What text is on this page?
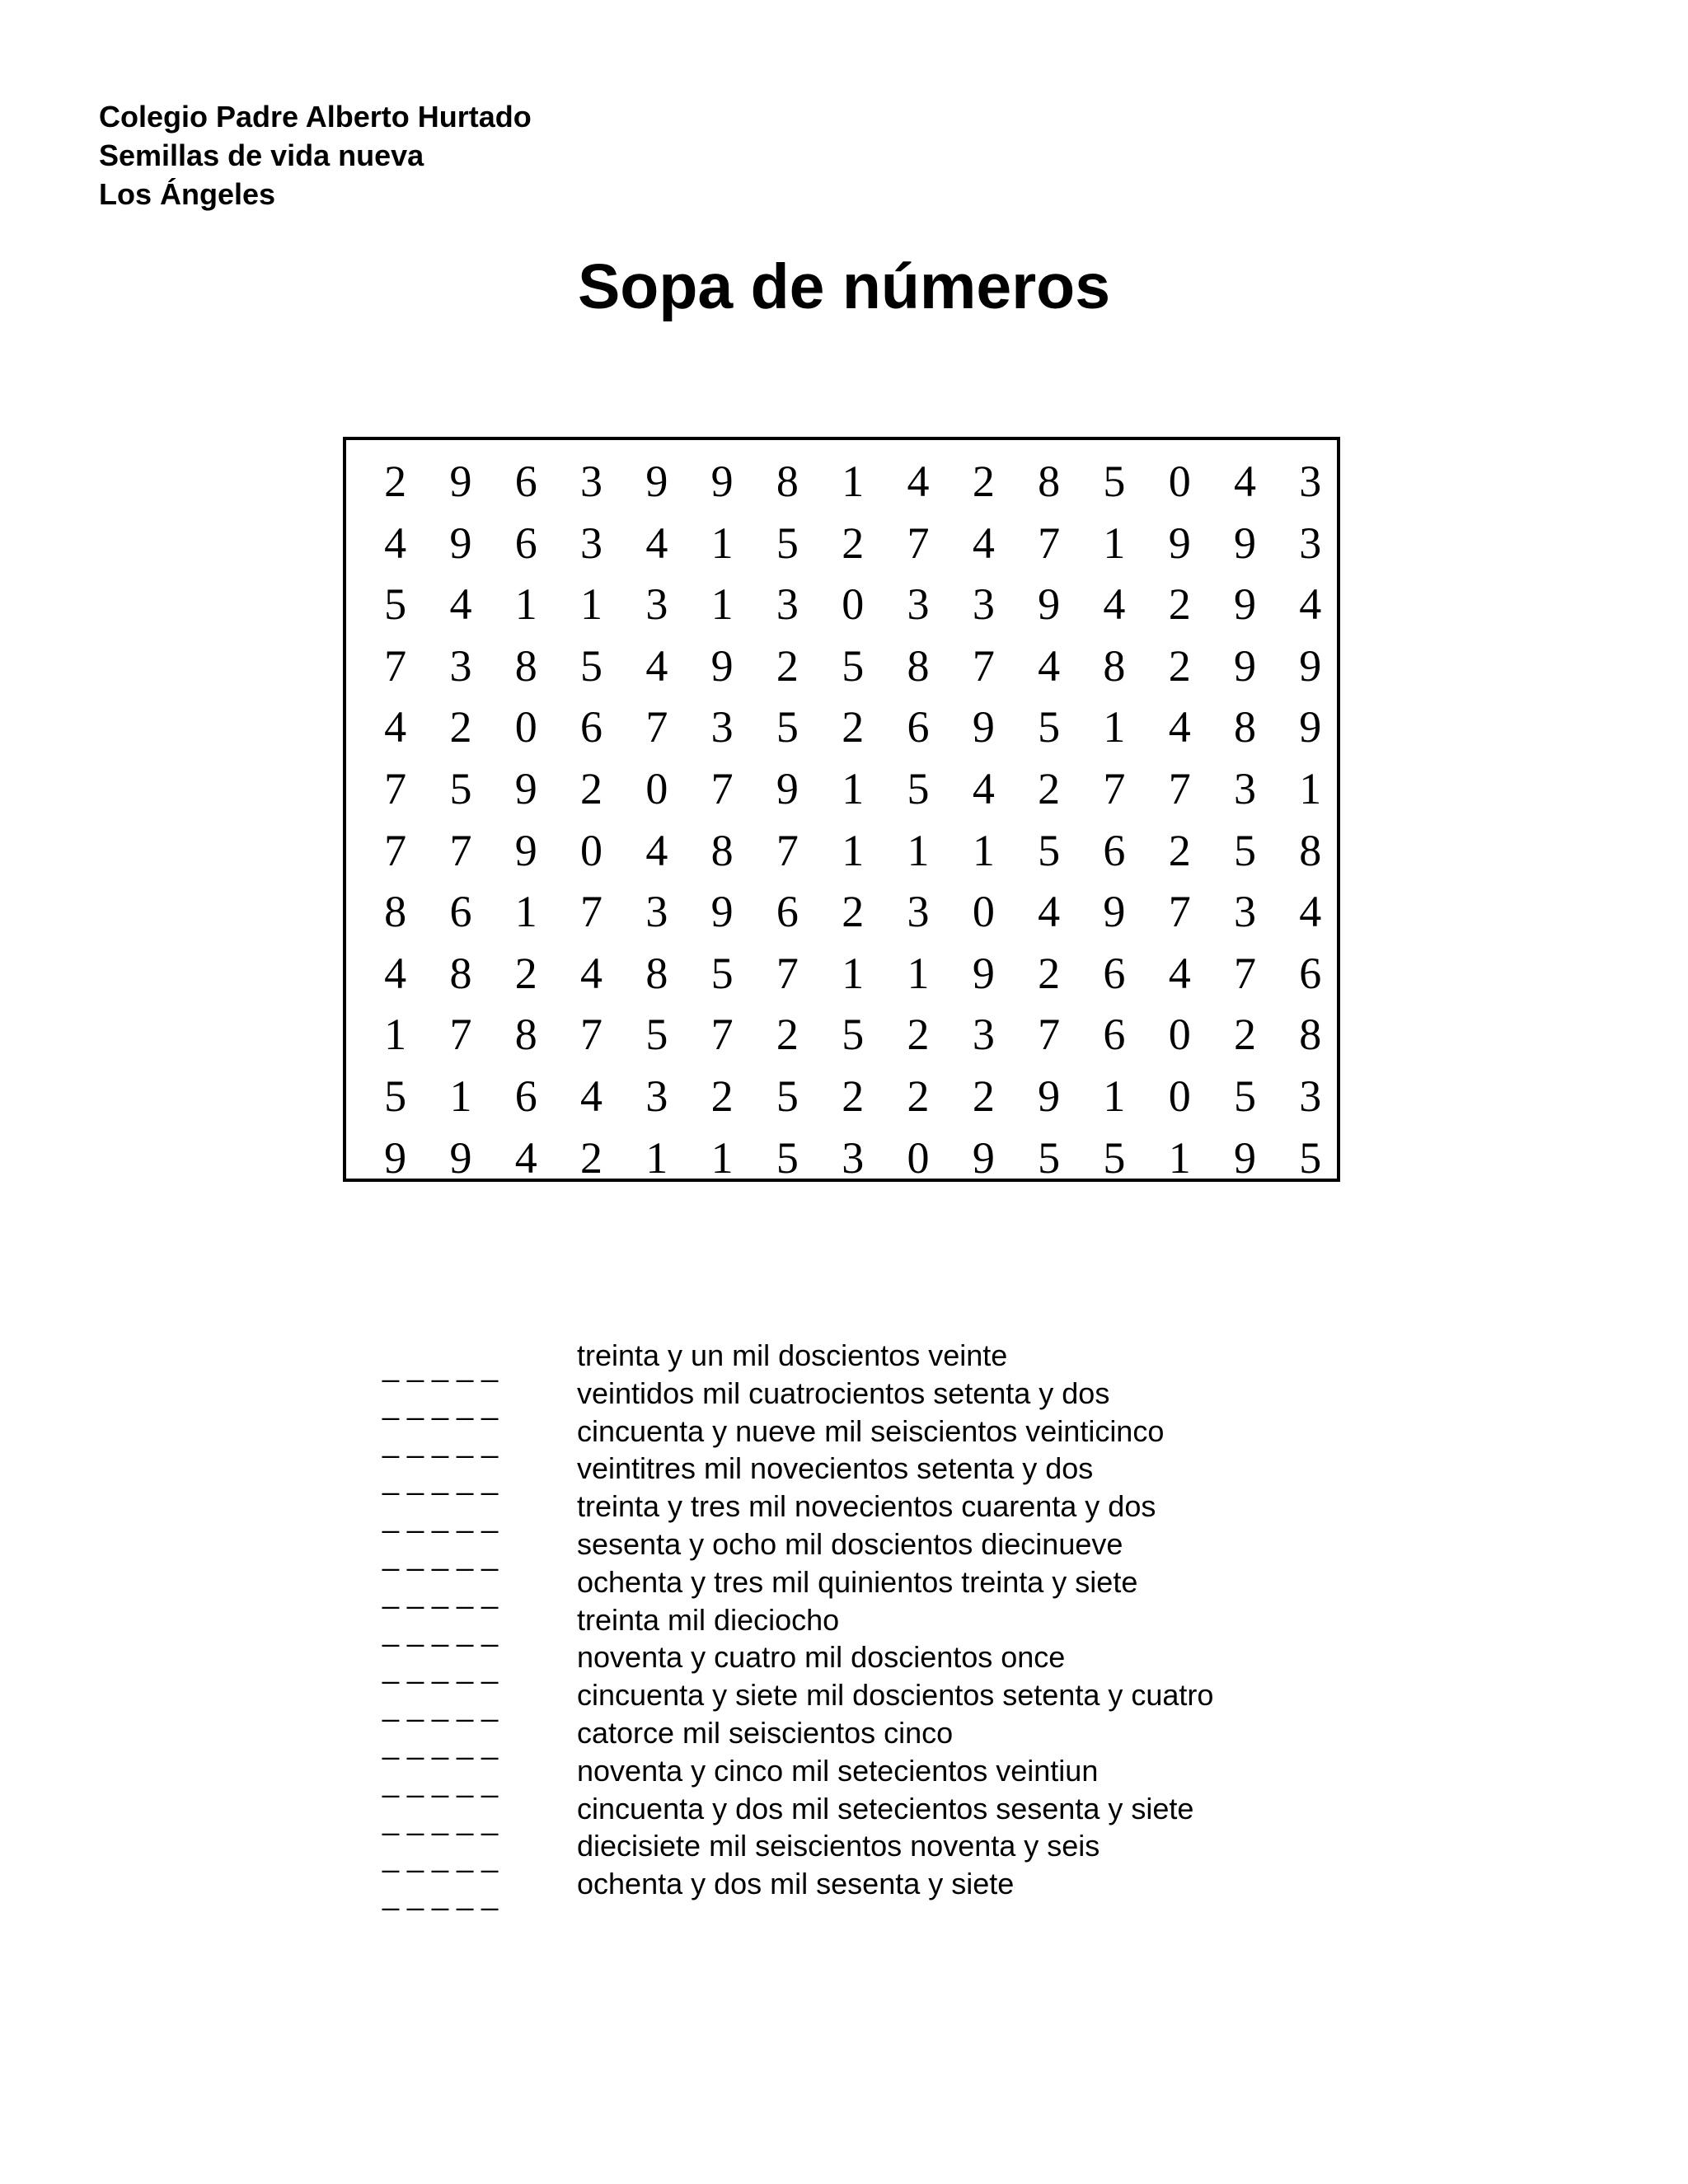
Colegio Padre Alberto Hurtado
Semillas de vida nueva
Los Ángeles
Sopa de números
2 9 6 3 9 9 8 1 4 2 8 5 0 4 3
4 9 6 3 4 1 5 2 7 4 7 1 9 9 3
5 4 1 1 3 1 3 0 3 3 9 4 2 9 4
7 3 8 5 4 9 2 5 8 7 4 8 2 9 9
4 2 0 6 7 3 5 2 6 9 5 1 4 8 9
7 5 9 2 0 7 9 1 5 4 2 7 7 3 1
7 7 9 0 4 8 7 1 1 1 5 6 2 5 8
8 6 1 7 3 9 6 2 3 0 4 9 7 3 4
4 8 2 4 8 5 7 1 1 9 2 6 4 7 6
1 7 8 7 5 7 2 5 2 3 7 6 0 2 8
5 1 6 4 3 2 5 2 2 2 9 1 0 5 3
9 9 4 2 1 1 5 3 0 9 5 5 1 9 5
_ _ _ _ _	treinta y un mil doscientos veinte
_ _ _ _ _	veintidos mil cuatrocientos setenta y dos
_ _ _ _ _	cincuenta y nueve mil seiscientos veinticinco
_ _ _ _ _	veintitres mil novecientos setenta y dos
_ _ _ _ _	treinta y tres mil novecientos cuarenta y dos
_ _ _ _ _	sesenta y ocho mil doscientos diecinueve
_ _ _ _ _	ochenta y tres mil quinientos treinta y siete
_ _ _ _ _	treinta mil dieciocho
_ _ _ _ _	noventa y cuatro mil doscientos once
_ _ _ _ _	cincuenta y siete mil doscientos setenta y cuatro
_ _ _ _ _	catorce mil seiscientos cinco
_ _ _ _ _	noventa y cinco mil setecientos veintiun
_ _ _ _ _	cincuenta y dos mil setecientos sesenta y siete
_ _ _ _ _	diecisiete mil seiscientos noventa y seis
_ _ _ _ _	ochenta y dos mil sesenta y siete
